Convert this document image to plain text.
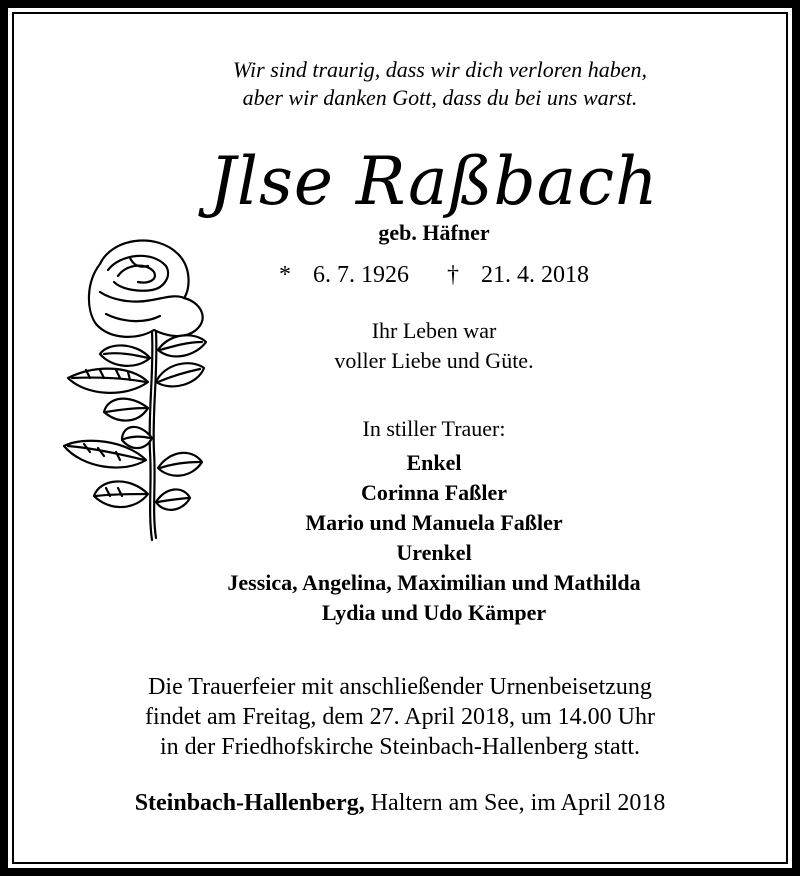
Wir sind traurig, dass wir dich verloren haben,
aber wir danken Gott, dass du bei uns warst.
Jlse Raßbach
geb. Häfner
* 6. 7. 1926 † 21. 4. 2018
Ihr Leben war
voller Liebe und Güte.
In stiller Trauer:
Enkel
Corinna Faßler
Mario und Manuela Faßler
Urenkel
Jessica, Angelina, Maximilian und Mathilda
Lydia und Udo Kämper
Die Trauerfeier mit anschließender Urnenbeisetzung
findet am Freitag, dem 27. April 2018, um 14.00 Uhr
in der Friedhofskirche Steinbach-Hallenberg statt.
Steinbach-Hallenberg, Haltern am See, im April 2018
